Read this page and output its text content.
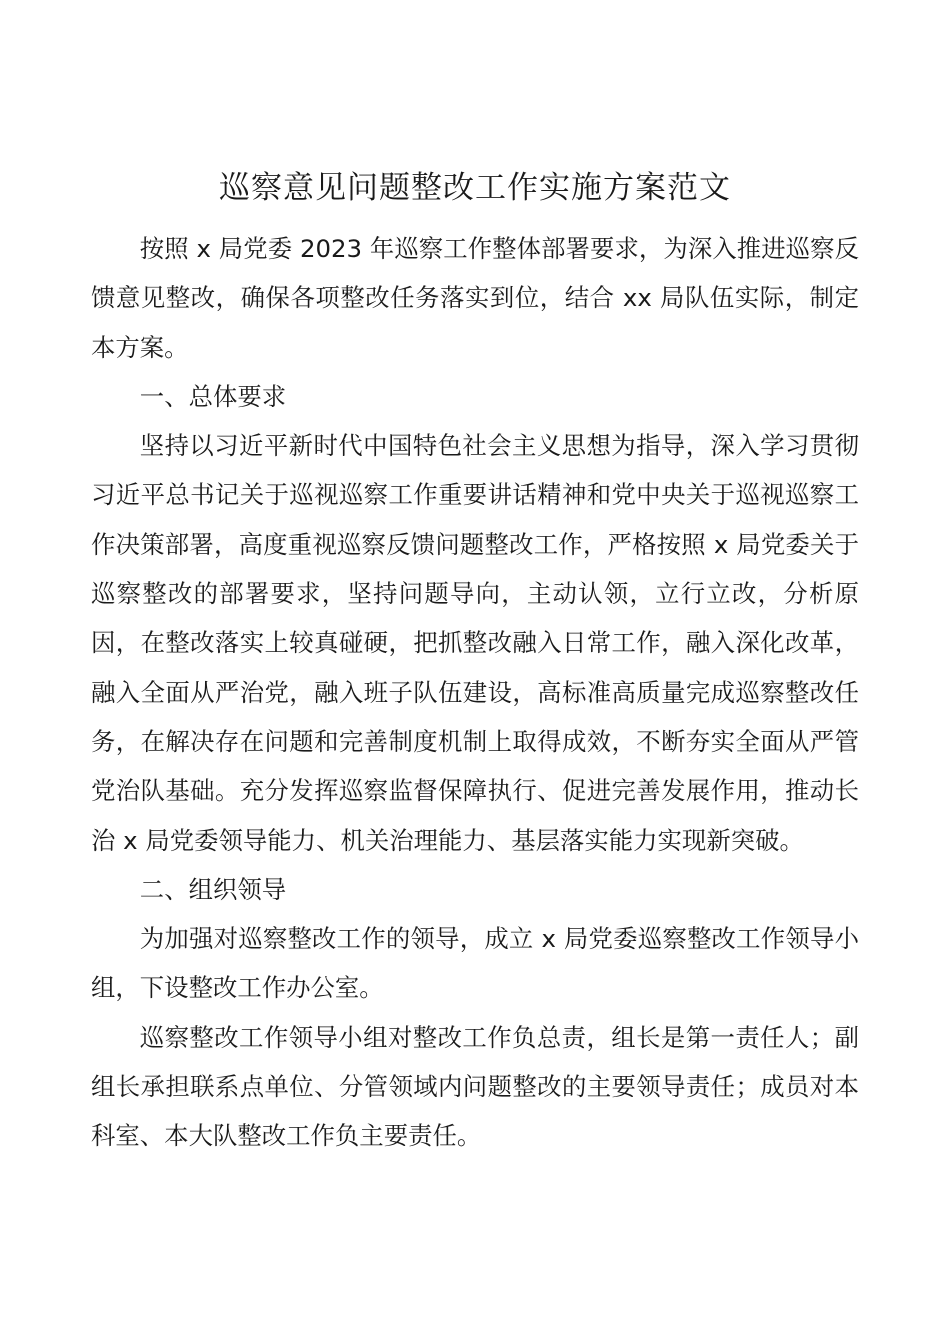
巡察意见问题整改工作实施方案范文

按照 x 局党委 2023 年巡察工作整体部署要求，为深入推进巡察反馈意见整改，确保各项整改任务落实到位，结合 xx 局队伍实际，制定本方案。

一、总体要求

坚持以习近平新时代中国特色社会主义思想为指导，深入学习贯彻习近平总书记关于巡视巡察工作重要讲话精神和党中央关于巡视巡察工作决策部署，高度重视巡察反馈问题整改工作，严格按照 x 局党委关于巡察整改的部署要求，坚持问题导向，主动认领，立行立改，分析原因，在整改落实上较真碰硬，把抓整改融入日常工作，融入深化改革，融入全面从严治党，融入班子队伍建设，高标准高质量完成巡察整改任务，在解决存在问题和完善制度机制上取得成效，不断夯实全面从严管党治队基础。充分发挥巡察监督保障执行、促进完善发展作用，推动长治 x 局党委领导能力、机关治理能力、基层落实能力实现新突破。

二、组织领导

为加强对巡察整改工作的领导，成立 x 局党委巡察整改工作领导小组，下设整改工作办公室。

巡察整改工作领导小组对整改工作负总责，组长是第一责任人；副组长承担联系点单位、分管领域内问题整改的主要领导责任；成员对本科室、本大队整改工作负主要责任。
